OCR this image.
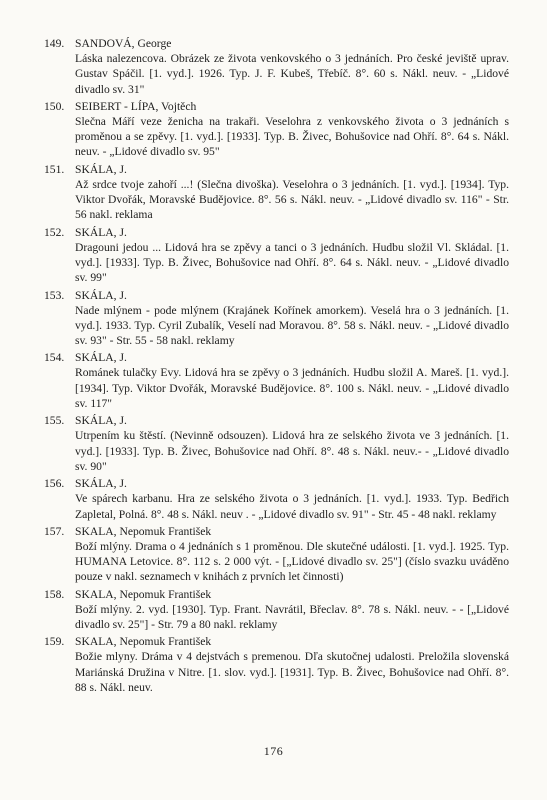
149. SANDOVÁ, George
Láska nalezencova. Obrázek ze života venkovského o 3 jednáních. Pro české jeviště uprav. Gustav Spáčil. [1. vyd.]. 1926. Typ. J. F. Kubeš, Třebíč. 8°. 60 s. Nákl. neuv. - „Lidové divadlo sv. 31"
150. SEIBERT - LÍPA, Vojtěch
Slečna Máří veze ženicha na trakaři. Veselohra z venkovského života o 3 jednáních s proměnou a se zpěvy. [1. vyd.]. [1933]. Typ. B. Živec, Bohušovice nad Ohří. 8°. 64 s. Nákl. neuv. - „Lidové divadlo sv. 95"
151. SKÁLA, J.
Až srdce tvoje zahoří ...! (Slečna divoška). Veselohra o 3 jednáních. [1. vyd.]. [1934]. Typ. Viktor Dvořák, Moravské Budějovice. 8°. 56 s. Nákl. neuv. - „Lidové divadlo sv. 116" - Str. 56 nakl. reklama
152. SKÁLA, J.
Dragouni jedou ... Lidová hra se zpěvy a tanci o 3 jednáních. Hudbu složil Vl. Skládal. [1. vyd.]. [1933]. Typ. B. Živec, Bohušovice nad Ohří. 8°. 64 s. Nákl. neuv. - „Lidové divadlo sv. 99"
153. SKÁLA, J.
Nade mlýnem - pode mlýnem (Krajánek Kořínek amorkem). Veselá hra o 3 jednáních. [1. vyd.]. 1933. Typ. Cyril Zubalík, Veselí nad Moravou. 8°. 58 s. Nákl. neuv. - „Lidové divadlo sv. 93" - Str. 55 - 58 nakl. reklamy
154. SKÁLA, J.
Románek tulačky Evy. Lidová hra se zpěvy o 3 jednáních. Hudbu složil A. Mareš. [1. vyd.]. [1934]. Typ. Viktor Dvořák, Moravské Budějovice. 8°. 100 s. Nákl. neuv. - „Lidové divadlo sv. 117"
155. SKÁLA, J.
Utrpením ku štěstí. (Nevinně odsouzen). Lidová hra ze selského života ve 3 jednáních. [1. vyd.]. [1933]. Typ. B. Živec, Bohušovice nad Ohří. 8°. 48 s. Nákl. neuv.- - „Lidové divadlo sv. 90"
156. SKÁLA, J.
Ve spárech karbanu. Hra ze selského života o 3 jednáních. [1. vyd.]. 1933. Typ. Bedřich Zapletal, Polná. 8°. 48 s. Nákl. neuv . - „Lidové divadlo sv. 91" - Str. 45 - 48 nakl. reklamy
157. SKALA, Nepomuk František
Boží mlýny. Drama o 4 jednáních s 1 proměnou. Dle skutečné události. [1. vyd.]. 1925. Typ. HUMANA Letovice. 8°. 112 s. 2 000 výt. - [„Lidové divadlo sv. 25"] (číslo svazku uváděno pouze v nakl. seznamech v knihách z prvních let činnosti)
158. SKALA, Nepomuk František
Boží mlýny. 2. vyd. [1930]. Typ. Frant. Navrátil, Břeclav. 8°. 78 s. Nákl. neuv. - - [„Lidové divadlo sv. 25"] - Str. 79 a 80 nakl. reklamy
159. SKALA, Nepomuk František
Božie mlyny. Dráma v 4 dejstvách s premenou. Dľa skutočnej udalosti. Preložila slovenská Mariánská Družina v Nitre. [1. slov. vyd.]. [1931]. Typ. B. Živec, Bohušovice nad Ohří. 8°. 88 s. Nákl. neuv.
176
